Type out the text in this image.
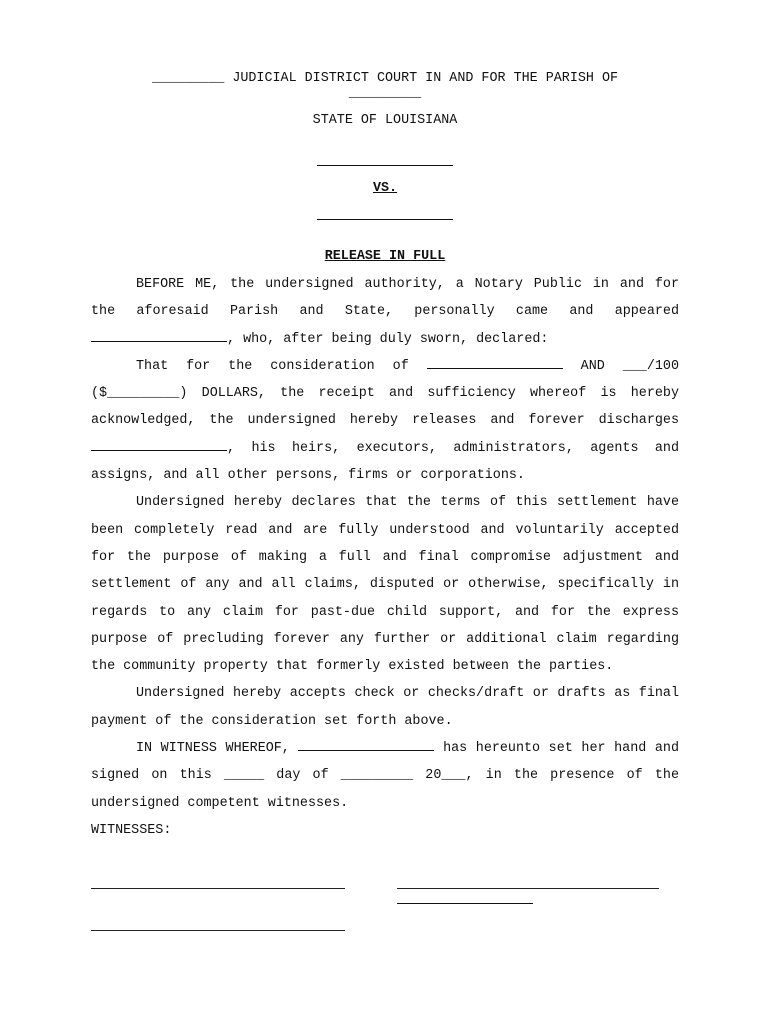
_________ JUDICIAL DISTRICT COURT IN AND FOR THE PARISH OF
_________
STATE OF LOUISIANA
VS.
RELEASE IN FULL
BEFORE ME, the undersigned authority, a Notary Public in and for the aforesaid Parish and State, personally came and appeared , who, after being duly sworn, declared:
That for the consideration of	AND ___/100 ($_________) DOLLARS, the receipt and sufficiency whereof is hereby acknowledged, the undersigned hereby releases and forever discharges , his heirs, executors, administrators, agents and assigns, and all other persons, firms or corporations.
Undersigned hereby declares that the terms of this settlement have been completely read and are fully understood and voluntarily accepted for the purpose of making a full and final compromise adjustment and settlement of any and all claims, disputed or otherwise, specifically in regards to any claim for past-due child support, and for the express purpose of precluding forever any further or additional claim regarding the community property that formerly existed between the parties.
Undersigned hereby accepts check or checks/draft or drafts as final payment of the consideration set forth above.
IN WITNESS WHEREOF,	has hereunto set her hand and signed on this _____ day of _________ 20___, in the presence of the undersigned competent witnesses.
WITNESSES:
